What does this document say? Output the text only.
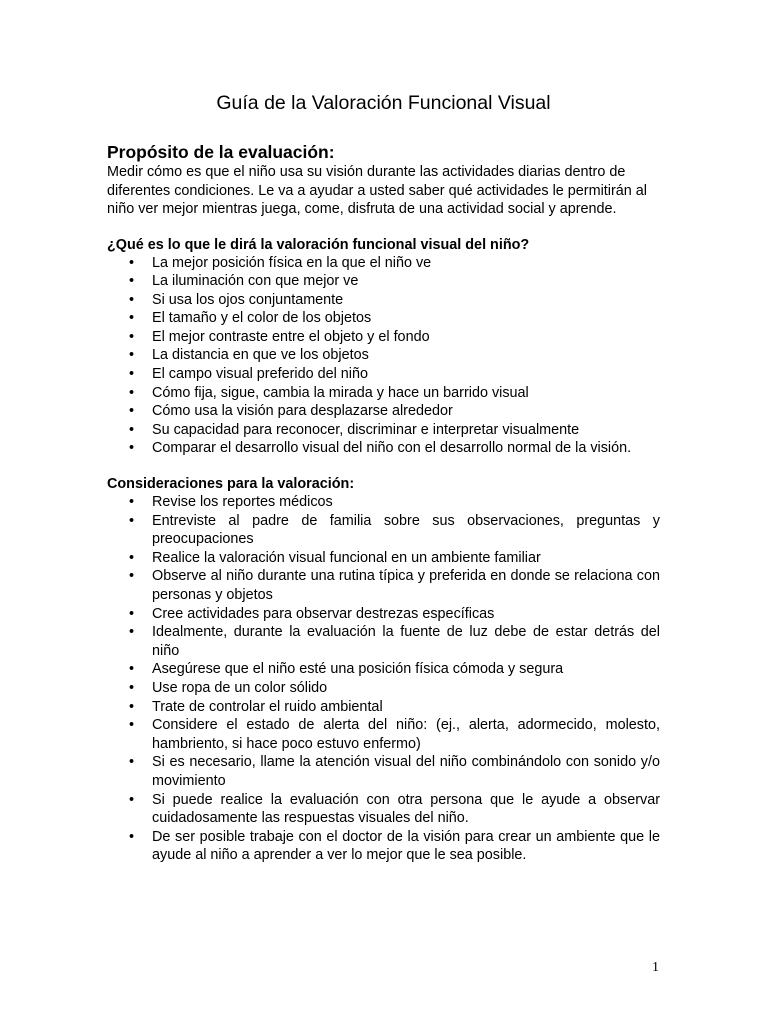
Guía de la Valoración Funcional Visual
Propósito de la evaluación:

Medir cómo es que el niño usa su visión durante las actividades diarias dentro de diferentes condiciones. Le va a ayudar a usted saber qué actividades le permitirán al niño ver mejor mientras juega, come, disfruta de una actividad social y aprende.

¿Qué es lo que le dirá la valoración funcional visual del niño?
• La mejor posición física en la que el niño ve
• La iluminación con que mejor ve
• Si usa los ojos conjuntamente
• El tamaño y el color de los objetos
• El mejor contraste entre el objeto y el fondo
• La distancia en que ve los objetos
• El campo visual preferido del niño
• Cómo fija, sigue, cambia la mirada y hace un barrido visual
• Cómo usa la visión para desplazarse alrededor
• Su capacidad para reconocer, discriminar e interpretar visualmente
• Comparar el desarrollo visual del niño con el desarrollo normal de la visión.
Consideraciones para la valoración:
• Revise los reportes médicos
• Entreviste al padre de familia sobre sus observaciones, preguntas y preocupaciones
• Realice la valoración visual funcional en un ambiente familiar
• Observe al niño durante una rutina típica y preferida en donde se relaciona con personas y objetos
• Cree actividades para observar destrezas específicas
• Idealmente, durante la evaluación la fuente de luz debe de estar detrás del niño
• Asegúrese que el niño esté una posición física cómoda y segura
• Use ropa de un color sólido
• Trate de controlar el ruido ambiental
• Considere el estado de alerta del niño: (ej., alerta, adormecido, molesto, hambriento, si hace poco estuvo enfermo)
• Si es necesario, llame la atención visual del niño combinándolo con sonido y/o movimiento
• Si puede realice la evaluación con otra persona que le ayude a observar cuidadosamente las respuestas visuales del niño.
• De ser posible trabaje con el doctor de la visión para crear un ambiente que le ayude al niño a aprender a ver lo mejor que le sea posible.
1
